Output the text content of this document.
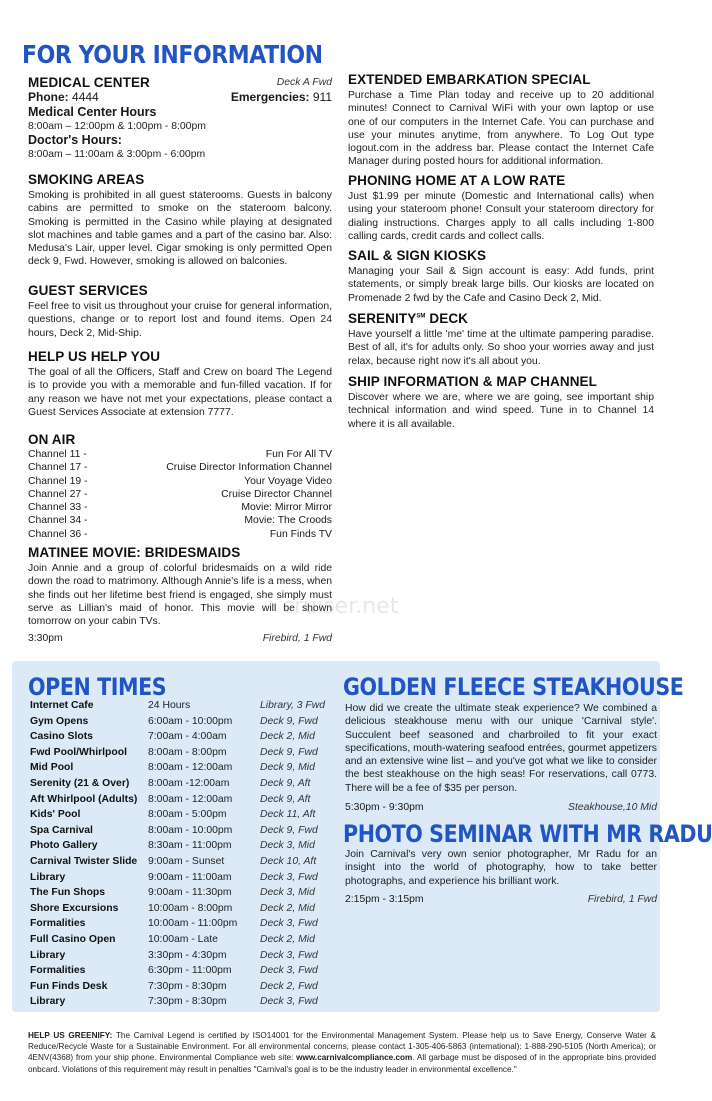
FOR YOUR INFORMATION
MEDICAL CENTER	Deck A Fwd
Phone: 4444	Emergencies: 911
Medical Center Hours
8:00am – 12:00pm & 1:00pm - 8:00pm
Doctor's Hours:
8:00am – 11:00am & 3:00pm - 6:00pm
SMOKING AREAS
Smoking is prohibited in all guest staterooms. Guests in balcony cabins are permitted to smoke on the stateroom balcony. Smoking is permitted in the Casino while playing at designated slot machines and table games and a part of the casino bar. Also: Medusa's Lair, upper level. Cigar smoking is only permitted Open deck 9, Fwd. However, smoking is allowed on balconies.
GUEST SERVICES
Feel free to visit us throughout your cruise for general information, questions, change or to report lost and found items. Open 24 hours, Deck 2, Mid-Ship.
HELP US HELP YOU
The goal of all the Officers, Staff and Crew on board The Legend is to provide you with a memorable and fun-filled vacation. If for any reason we have not met your expectations, please contact a Guest Services Associate at extension 7777.
ON AIR
Channel 11 -	Fun For All TV
Channel 17 -	Cruise Director Information Channel
Channel 19 -	Your Voyage Video
Channel 27 -	Cruise Director Channel
Channel 33 -	Movie: Mirror Mirror
Channel 34 -	Movie: The Croods
Channel 36 -	Fun Finds TV
MATINEE MOVIE: BRIDESMAIDS
Join Annie and a group of colorful bridesmaids on a wild ride down the road to matrimony. Although Annie's life is a mess, when she finds out her lifetime best friend is engaged, she simply must serve as Lillian's maid of honor. This movie will be shown tomorrow on your cabin TVs.
3:30pm	Firebird, 1 Fwd
cruiser.net
EXTENDED EMBARKATION SPECIAL
Purchase a Time Plan today and receive up to 20 additional minutes! Connect to Carnival WiFi with your own laptop or use one of our computers in the Internet Cafe. You can purchase and use your minutes anytime, from anywhere. To Log Out type logout.com in the address bar. Please contact the Internet Cafe Manager during posted hours for additional information.
PHONING HOME AT A LOW RATE
Just $1.99 per minute (Domestic and International calls) when using your stateroom phone! Consult your stateroom directory for dialing instructions. Charges apply to all calls including 1-800 calling cards, credit cards and collect calls.
SAIL & SIGN KIOSKS
Managing your Sail & Sign account is easy: Add funds, print statements, or simply break large bills. Our kiosks are located on Promenade 2 fwd by the Cafe and Casino Deck 2, Mid.
SERENITY℠ DECK
Have yourself a little 'me' time at the ultimate pampering paradise. Best of all, it's for adults only. So shoo your worries away and just relax, because right now it's all about you.
SHIP INFORMATION & MAP CHANNEL
Discover where we are, where we are going, see important ship technical information and wind speed. Tune in to Channel 14 where it is all available.
OPEN TIMES
Internet Cafe	24 Hours	Library, 3 Fwd
Gym Opens	6:00am - 10:00pm	Deck 9, Fwd
Casino Slots	7:00am - 4:00am	Deck 2, Mid
Fwd Pool/Whirlpool	8:00am - 8:00pm	Deck 9, Fwd
Mid Pool	8:00am - 12:00am	Deck 9, Mid
Serenity (21 & Over)	8:00am -12:00am	Deck 9, Aft
Aft Whirlpool (Adults)	8:00am - 12:00am	Deck 9, Aft
Kids' Pool	8:00am - 5:00pm	Deck 11, Aft
Spa Carnival	8:00am - 10:00pm	Deck 9, Fwd
Photo Gallery	8:30am - 11:00pm	Deck 3, Mid
Carnival Twister Slide	9:00am - Sunset	Deck 10, Aft
Library	9:00am - 11:00am	Deck 3, Fwd
The Fun Shops	9:00am - 11:30pm	Deck 3, Mid
Shore Excursions	10:00am - 8:00pm	Deck 2, Mid
Formalities	10:00am - 11:00pm	Deck 3, Fwd
Full Casino Open	10:00am - Late	Deck 2, Mid
Library	3:30pm - 4:30pm	Deck 3, Fwd
Formalities	6:30pm - 11:00pm	Deck 3, Fwd
Fun Finds Desk	7:30pm - 8:30pm	Deck 2, Fwd
Library	7:30pm - 8:30pm	Deck 3, Fwd
GOLDEN FLEECE STEAKHOUSE
How did we create the ultimate steak experience? We combined a delicious steakhouse menu with our unique 'Carnival style'. Succulent beef seasoned and charbroiled to fit your exact specifications, mouth-watering seafood entrées, gourmet appetizers and an extensive wine list – and you've got what we like to consider the best steakhouse on the high seas! For reservations, call 0773. There will be a fee of $35 per person.
5:30pm - 9:30pm	Steakhouse,10 Mid
PHOTO SEMINAR WITH MR RADU
Join Carnival's very own senior photographer, Mr Radu for an insight into the world of photography, how to take better photographs, and experience his brilliant work.
2:15pm - 3:15pm	Firebird, 1 Fwd
HELP US GREENIFY: The Carnival Legend is certified by ISO14001 for the Environmental Management System. Please help us to Save Energy, Conserve Water & Reduce/Recycle Waste for a Sustainable Environment. For all environmental concerns, please contact 1-305-406-5863 (international): 1-888-290-5105 (North America); or 4ENV(4368) from your ship phone. Environmental Compliance web site: www.carnivalcompliance.com. All garbage must be disposed of in the appropriate bins provided onbcard. Violations of this requirement may result in penalties "Carnival's goal is to be the industry leader in environmental excellence."
